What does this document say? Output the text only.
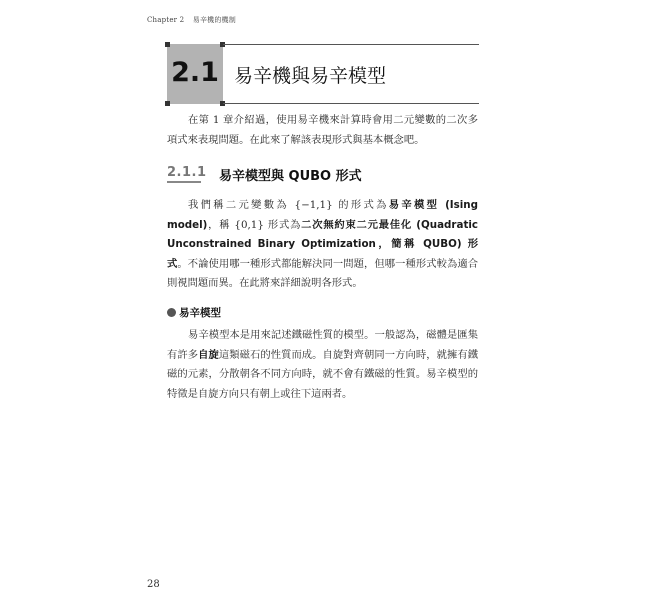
Chapter 2 易辛機的機制
2.1 易辛機與易辛模型

在第 1 章介紹過，使用易辛機來計算時會用二元變數的二次多項式來表現問題。在此來了解該表現形式與基本概念吧。

2.1.1 易辛模型與 QUBO 形式

我們稱二元變數為 {−1,1} 的形式為易辛模型 (Ising model)，稱 {0,1} 形式為二次無約束二元最佳化 (Quadratic Unconstrained Binary Optimization，簡稱 QUBO) 形式。不論使用哪一種形式都能解決同一問題，但哪一種形式較為適合則視問題而異。在此將來詳細說明各形式。

易辛模型

易辛模型本是用來記述鐵磁性質的模型。一般認為，磁體是匯集有許多自旋這類磁石的性質而成。自旋對齊朝同一方向時，就擁有鐵磁的元素，分散朝各不同方向時，就不會有鐵磁的性質。易辛模型的特徵是自旋方向只有朝上或往下這兩者。

28
